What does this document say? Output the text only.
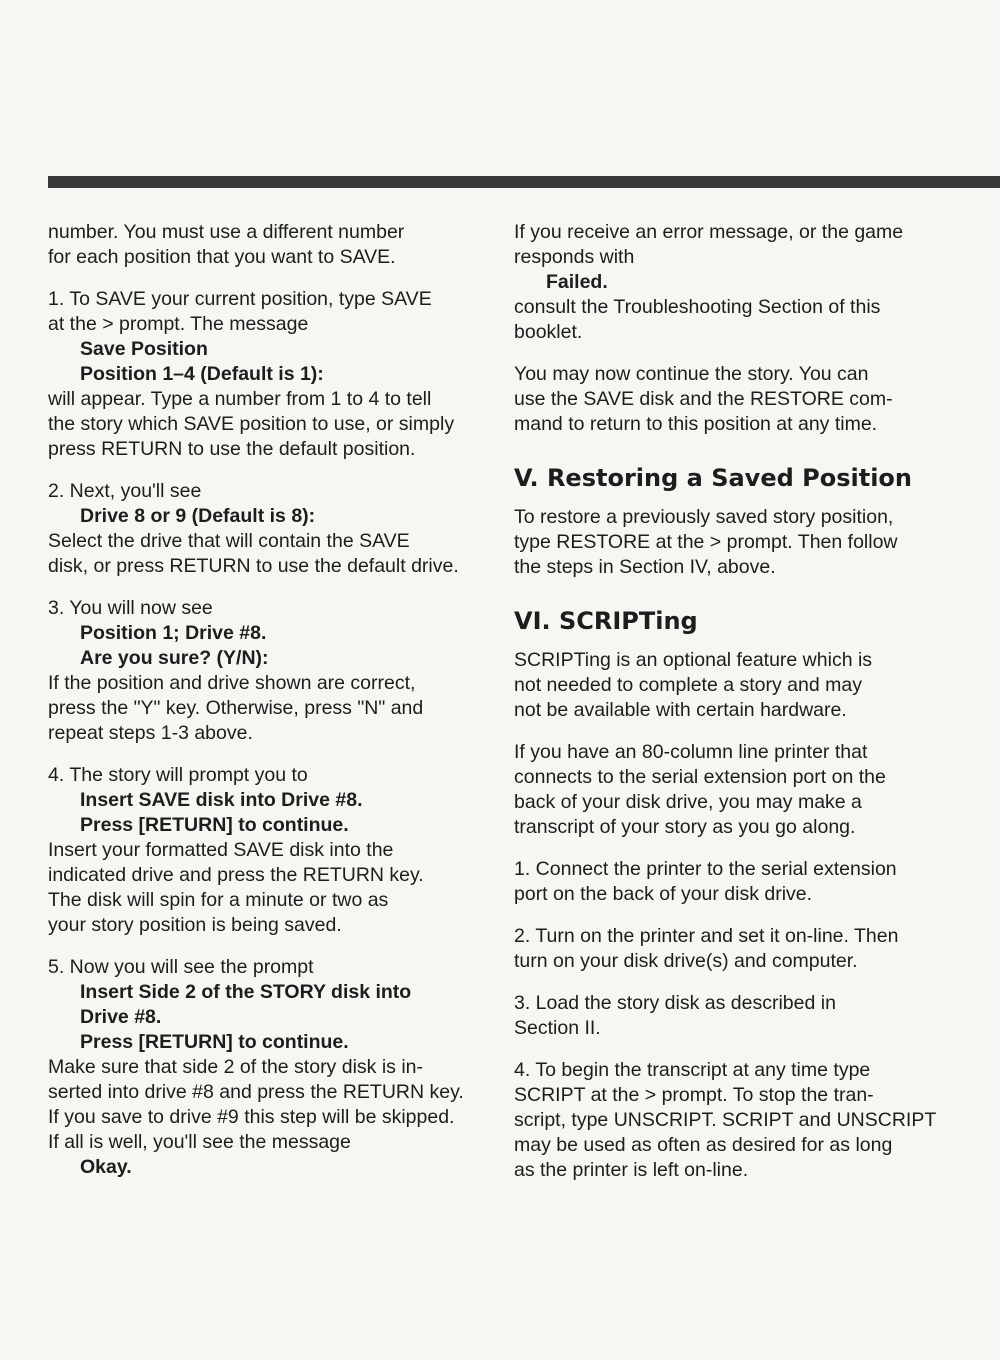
number. You must use a different number
for each position that you want to SAVE.

1. To SAVE your current position, type SAVE
at the > prompt. The message
Save Position
Position 1–4 (Default is 1):
will appear. Type a number from 1 to 4 to tell
the story which SAVE position to use, or simply
press RETURN to use the default position.

2. Next, you'll see
Drive 8 or 9 (Default is 8):
Select the drive that will contain the SAVE
disk, or press RETURN to use the default drive.

3. You will now see
Position 1; Drive #8.
Are you sure? (Y/N):
If the position and drive shown are correct,
press the "Y" key. Otherwise, press "N" and
repeat steps 1-3 above.

4. The story will prompt you to
Insert SAVE disk into Drive #8.
Press [RETURN] to continue.
Insert your formatted SAVE disk into the
indicated drive and press the RETURN key.
The disk will spin for a minute or two as
your story position is being saved.

5. Now you will see the prompt
Insert Side 2 of the STORY disk into
Drive #8.
Press [RETURN] to continue.
Make sure that side 2 of the story disk is in-
serted into drive #8 and press the RETURN key.
If you save to drive #9 this step will be skipped.
If all is well, you'll see the message
Okay.

If you receive an error message, or the game
responds with
Failed.
consult the Troubleshooting Section of this
booklet.

You may now continue the story. You can
use the SAVE disk and the RESTORE com-
mand to return to this position at any time.

V. Restoring a Saved Position

To restore a previously saved story position,
type RESTORE at the > prompt. Then follow
the steps in Section IV, above.

VI. SCRIPTing

SCRIPTing is an optional feature which is
not needed to complete a story and may
not be available with certain hardware.

If you have an 80-column line printer that
connects to the serial extension port on the
back of your disk drive, you may make a
transcript of your story as you go along.

1. Connect the printer to the serial extension
port on the back of your disk drive.

2. Turn on the printer and set it on-line. Then
turn on your disk drive(s) and computer.

3. Load the story disk as described in
Section II.

4. To begin the transcript at any time type
SCRIPT at the > prompt. To stop the tran-
script, type UNSCRIPT. SCRIPT and UNSCRIPT
may be used as often as desired for as long
as the printer is left on-line.
